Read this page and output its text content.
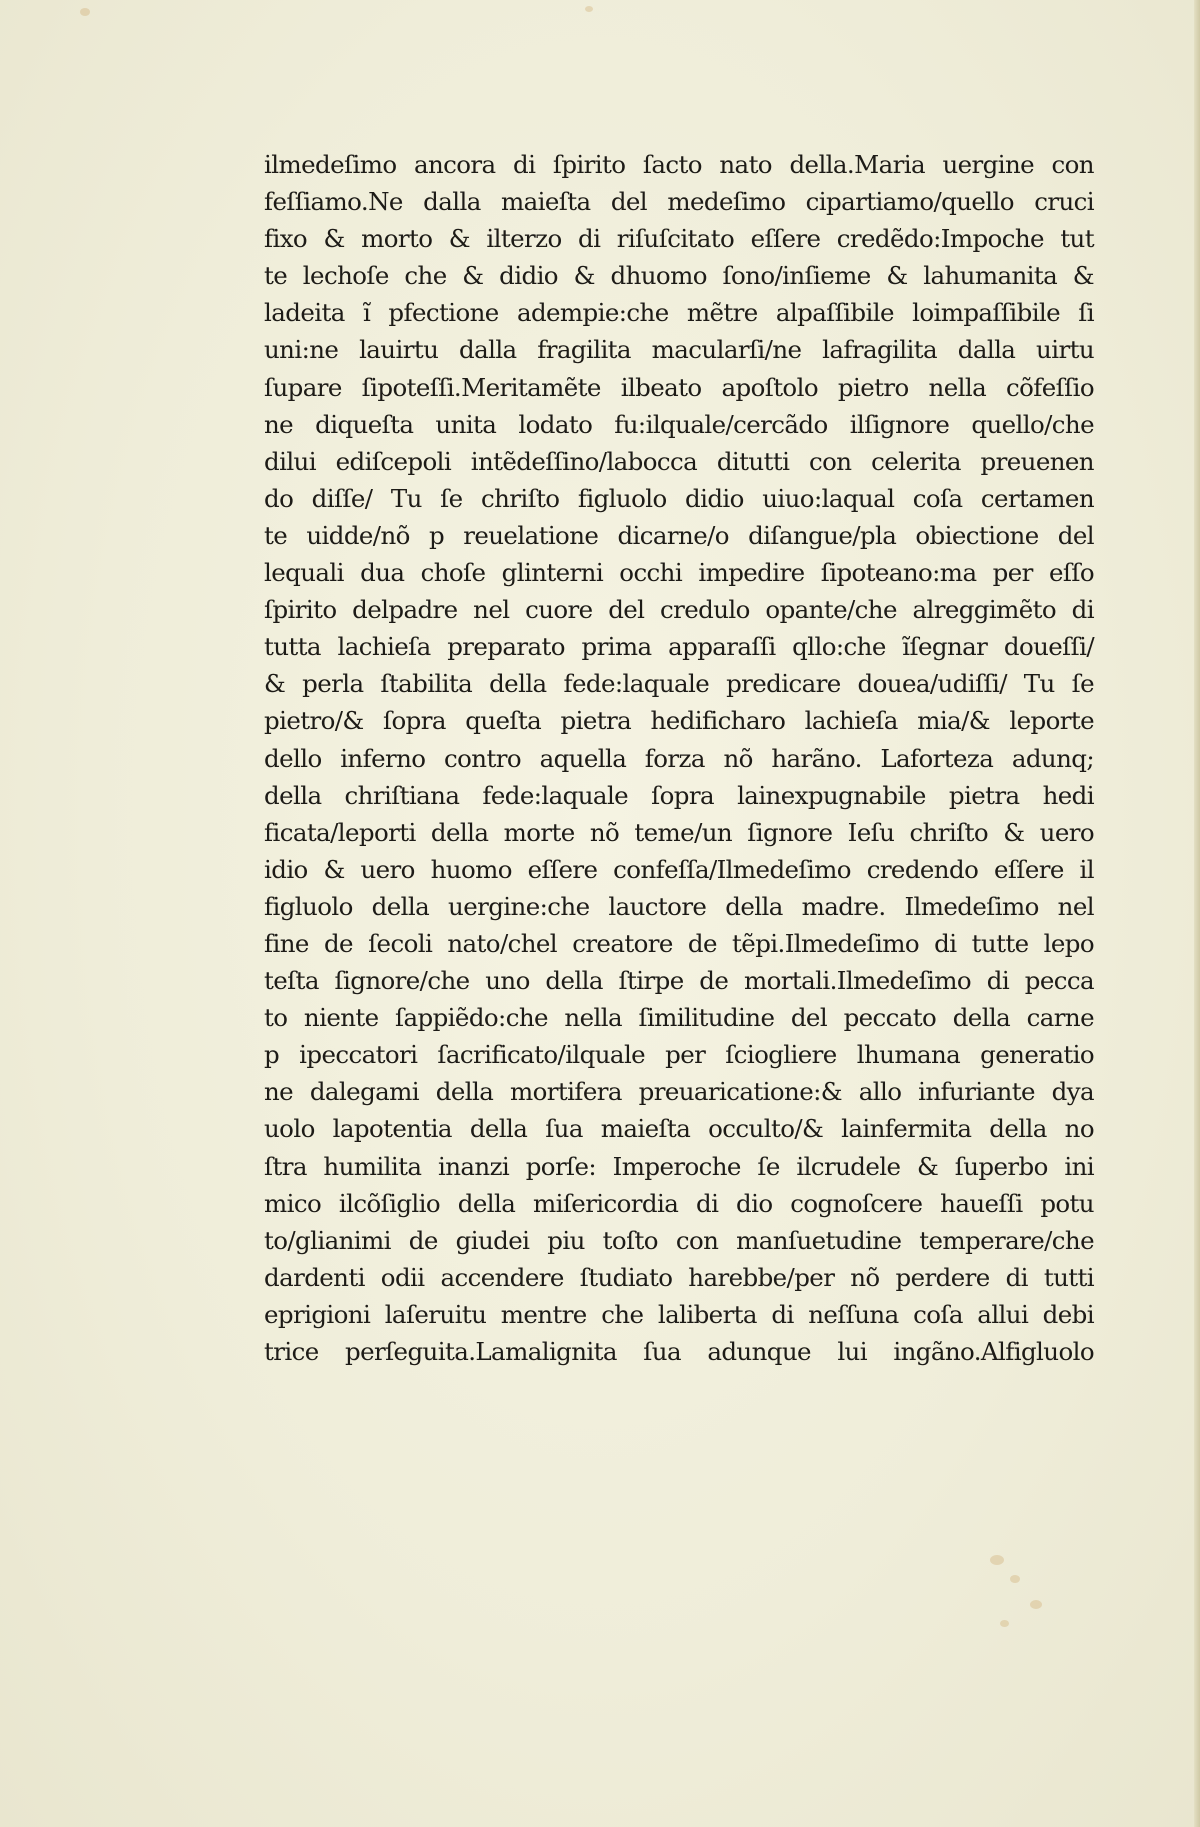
ilmedeſimo ancora di ſpirito ſacto nato della.Maria uergine con
feſſiamo.Ne dalla maieſta del medeſimo cipartiamo/quello cruci
fixo & morto & ilterzo di riſuſcitato eſſere credẽdo:Impoche tut
te lechoſe che & didio & dhuomo ſono/inſieme & lahumanita &
ladeita ĩ pfectione adempie:che mẽtre alpaſſibile loimpaſſibile ſi
uni:ne lauirtu dalla fragilita macularſi/ne lafragilita dalla uirtu
ſupare ſipoteſſi.Meritamẽte ilbeato apoſtolo pietro nella cõfeſſio
ne diqueſta unita lodato fu:ilquale/cercãdo ilſignore quello/che
dilui ediſcepoli intẽdeſſino/labocca ditutti con celerita preuenen
do diſſe/ Tu ſe chriſto figluolo didio uiuo:laqual coſa certamen
te uidde/nõ p reuelatione dicarne/o diſangue/pla obiectione del
lequali dua choſe glinterni occhi impedire ſipoteano:ma per eſſo
ſpirito delpadre nel cuore del credulo opante/che alreggimẽto di
tutta lachieſa preparato prima apparaſſi qllo:che ĩſegnar doueſſi/
& perla ſtabilita della fede:laquale predicare douea/udiſſi/ Tu ſe
pietro/& ſopra queſta pietra hedificharo lachieſa mia/& leporte
dello inferno contro aquella forza nõ harãno. Laforteza adunq;
della chriſtiana fede:laquale ſopra lainexpugnabile pietra hedi
ficata/leporti della morte nõ teme/un ſignore Ieſu chriſto & uero
idio & uero huomo eſſere confeſſa/Ilmedeſimo credendo eſſere il
figluolo della uergine:che lauctore della madre. Ilmedeſimo nel
fine de ſecoli nato/chel creatore de tẽpi.Ilmedeſimo di tutte lepo
teſta ſignore/che uno della ſtirpe de mortali.Ilmedeſimo di pecca
to niente ſappiẽdo:che nella ſimilitudine del peccato della carne
p ipeccatori ſacrificato/ilquale per ſciogliere lhumana generatio
ne dalegami della mortifera preuaricatione:& allo infuriante dya
uolo lapotentia della ſua maieſta occulto/& lainfermita della no
ſtra humilita inanzi porſe: Imperoche ſe ilcrudele & ſuperbo ini
mico ilcõſiglio della miſericordia di dio cognoſcere haueſſi potu
to/glianimi de giudei piu toſto con manſuetudine temperare/che
dardenti odii accendere ſtudiato harebbe/per nõ perdere di tutti
eprigioni laſeruitu mentre che laliberta di neſſuna coſa allui debi
trice perſeguita.Lamalignita ſua adunque lui ingãno.Alfigluolo
